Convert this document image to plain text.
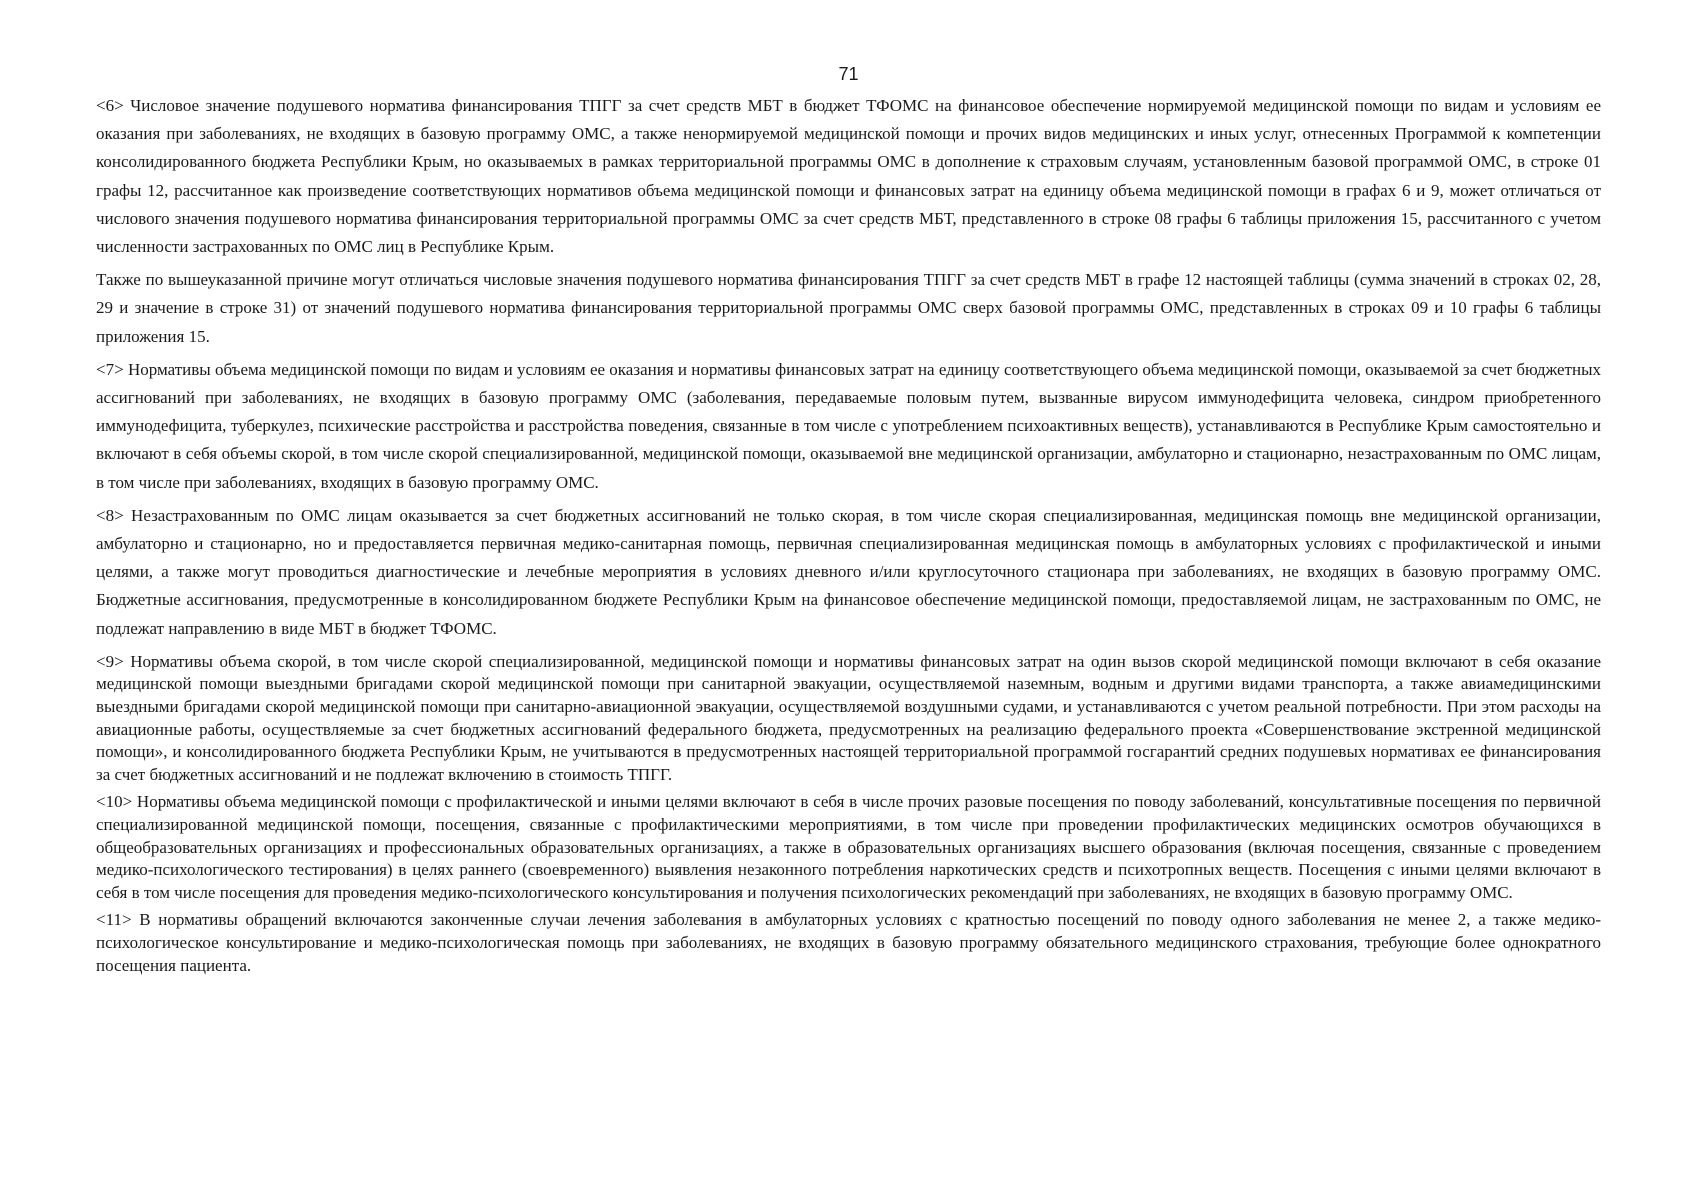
71

<6> Числовое значение подушевого норматива финансирования ТПГГ за счет средств МБТ в бюджет ТФОМС на финансовое обеспечение нормируемой медицинской помощи по видам и условиям ее оказания при заболеваниях, не входящих в базовую программу ОМС, а также ненормируемой медицинской помощи и прочих видов медицинских и иных услуг, отнесенных Программой к компетенции консолидированного бюджета Республики Крым, но оказываемых в рамках территориальной программы ОМС в дополнение к страховым случаям, установленным базовой программой ОМС, в строке 01 графы 12, рассчитанное как произведение соответствующих нормативов объема медицинской помощи и финансовых затрат на единицу объема медицинской помощи в графах 6 и 9, может отличаться от числового значения подушевого норматива финансирования территориальной программы ОМС за счет средств МБТ, представленного в строке 08 графы 6 таблицы приложения 15, рассчитанного с учетом численности застрахованных по ОМС лиц в Республике Крым.

Также по вышеуказанной причине могут отличаться числовые значения подушевого норматива финансирования ТПГГ за счет средств МБТ в графе 12 настоящей таблицы (сумма значений в строках 02, 28, 29 и значение в строке 31) от значений подушевого норматива финансирования территориальной программы ОМС сверх базовой программы ОМС, представленных в строках 09 и 10 графы 6 таблицы приложения 15.

<7> Нормативы объема медицинской помощи по видам и условиям ее оказания и нормативы финансовых затрат на единицу соответствующего объема медицинской помощи, оказываемой за счет бюджетных ассигнований при заболеваниях, не входящих в базовую программу ОМС (заболевания, передаваемые половым путем, вызванные вирусом иммунодефицита человека, синдром приобретенного иммунодефицита, туберкулез, психические расстройства и расстройства поведения, связанные в том числе с употреблением психоактивных веществ), устанавливаются в Республике Крым самостоятельно и включают в себя объемы скорой, в том числе скорой специализированной, медицинской помощи, оказываемой вне медицинской организации, амбулаторно и стационарно, незастрахованным по ОМС лицам, в том числе при заболеваниях, входящих в базовую программу ОМС.

<8> Незастрахованным по ОМС лицам оказывается за счет бюджетных ассигнований не только скорая, в том числе скорая специализированная, медицинская помощь вне медицинской организации, амбулаторно и стационарно, но и предоставляется первичная медико-санитарная помощь, первичная специализированная медицинская помощь в амбулаторных условиях с профилактической и иными целями, а также могут проводиться диагностические и лечебные мероприятия в условиях дневного и/или круглосуточного стационара при заболеваниях, не входящих в базовую программу ОМС. Бюджетные ассигнования, предусмотренные в консолидированном бюджете Республики Крым на финансовое обеспечение медицинской помощи, предоставляемой лицам, не застрахованным по ОМС, не подлежат направлению в виде МБТ в бюджет ТФОМС.

<9> Нормативы объема скорой, в том числе скорой специализированной, медицинской помощи и нормативы финансовых затрат на один вызов скорой медицинской помощи включают в себя оказание медицинской помощи выездными бригадами скорой медицинской помощи при санитарной эвакуации, осуществляемой наземным, водным и другими видами транспорта, а также авиамедицинскими выездными бригадами скорой медицинской помощи при санитарно-авиационной эвакуации, осуществляемой воздушными судами, и устанавливаются с учетом реальной потребности. При этом расходы на авиационные работы, осуществляемые за счет бюджетных ассигнований федерального бюджета, предусмотренных на реализацию федерального проекта «Совершенствование экстренной медицинской помощи», и консолидированного бюджета Республики Крым, не учитываются в предусмотренных настоящей территориальной программой госгарантий средних подушевых нормативах ее финансирования за счет бюджетных ассигнований и не подлежат включению в стоимость ТПГГ.

<10> Нормативы объема медицинской помощи с профилактической и иными целями включают в себя в числе прочих разовые посещения по поводу заболеваний, консультативные посещения по первичной специализированной медицинской помощи, посещения, связанные с профилактическими мероприятиями, в том числе при проведении профилактических медицинских осмотров обучающихся в общеобразовательных организациях и профессиональных образовательных организациях, а также в образовательных организациях высшего образования (включая посещения, связанные с проведением медико-психологического тестирования) в целях раннего (своевременного) выявления незаконного потребления наркотических средств и психотропных веществ. Посещения с иными целями включают в себя в том числе посещения для проведения медико-психологического консультирования и получения психологических рекомендаций при заболеваниях, не входящих в базовую программу ОМС.

<11> В нормативы обращений включаются законченные случаи лечения заболевания в амбулаторных условиях с кратностью посещений по поводу одного заболевания не менее 2, а также медико-психологическое консультирование и медико-психологическая помощь при заболеваниях, не входящих в базовую программу обязательного медицинского страхования, требующие более однократного посещения пациента.
